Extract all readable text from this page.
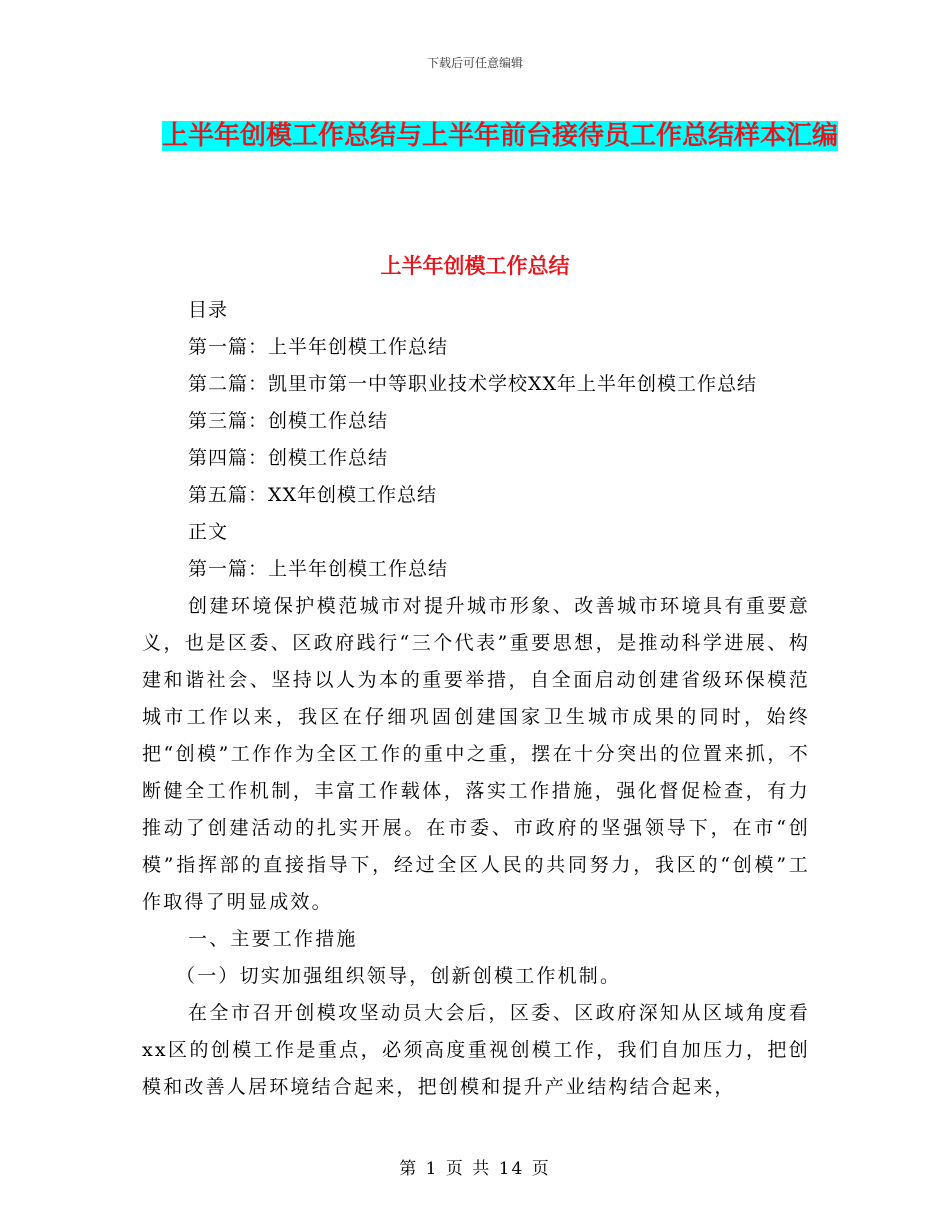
下载后可任意编辑
上半年创模工作总结与上半年前台接待员工作总结样本汇编
上半年创模工作总结
目录
第一篇：上半年创模工作总结
第二篇：凯里市第一中等职业技术学校XX年上半年创模工作总结
第三篇：创模工作总结
第四篇：创模工作总结
第五篇：XX年创模工作总结
正文
第一篇：上半年创模工作总结

创建环境保护模范城市对提升城市形象、改善城市环境具有重要意义，也是区委、区政府践行“三个代表”重要思想，是推动科学进展、构建和谐社会、坚持以人为本的重要举措，自全面启动创建省级环保模范城市工作以来，我区在仔细巩固创建国家卫生城市成果的同时，始终把“创模”工作作为全区工作的重中之重，摆在十分突出的位置来抓，不断健全工作机制，丰富工作载体，落实工作措施，强化督促检查，有力推动了创建活动的扎实开展。在市委、市政府的坚强领导下，在市“创模”指挥部的直接指导下，经过全区人民的共同努力，我区的“创模”工作取得了明显成效。

一、主要工作措施

（一）切实加强组织领导，创新创模工作机制。

在全市召开创模攻坚动员大会后，区委、区政府深知从区域角度看xx区的创模工作是重点，必须高度重视创模工作，我们自加压力，把创模和改善人居环境结合起来，把创模和提升产业结构结合起来，

第 1 页 共 14 页
